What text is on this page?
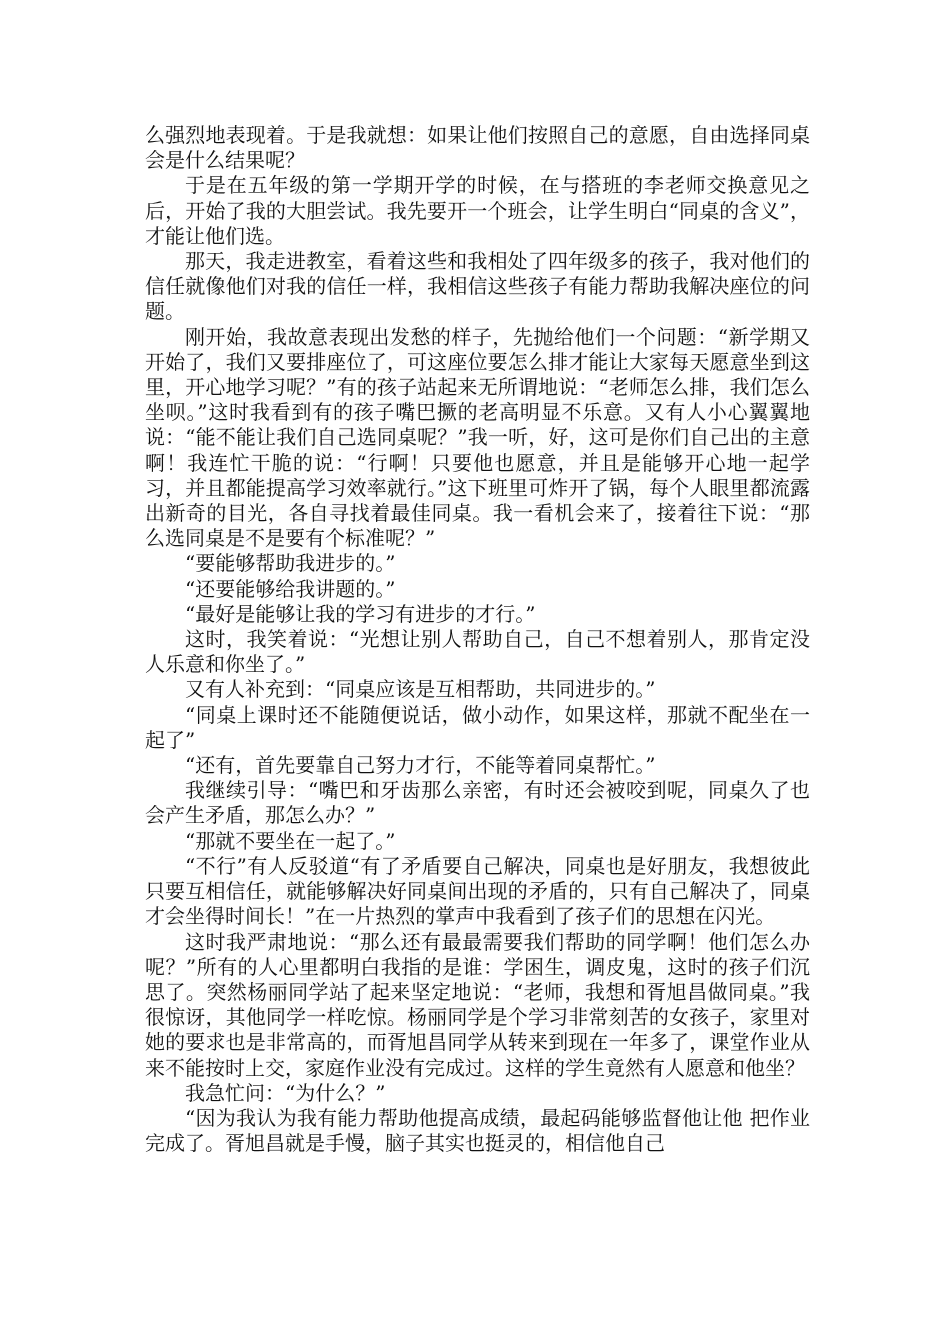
么强烈地表现着。于是我就想：如果让他们按照自己的意愿，自由选择同桌会是什么结果呢？

于是在五年级的第一学期开学的时候，在与搭班的李老师交换意见之后，开始了我的大胆尝试。我先要开一个班会，让学生明白“同桌的含义”，才能让他们选。

那天，我走进教室，看着这些和我相处了四年级多的孩子，我对他们的信任就像他们对我的信任一样，我相信这些孩子有能力帮助我解决座位的问题。

刚开始，我故意表现出发愁的样子，先抛给他们一个问题：“新学期又开始了，我们又要排座位了，可这座位要怎么排才能让大家每天愿意坐到这里，开心地学习呢？”有的孩子站起来无所谓地说：“老师怎么排，我们怎么坐呗。”这时我看到有的孩子嘴巴撅的老高明显不乐意。又有人小心翼翼地说：“能不能让我们自己选同桌呢？”我一听，好，这可是你们自己出的主意啊！我连忙干脆的说：“行啊！只要他也愿意，并且是能够开心地一起学习，并且都能提高学习效率就行。”这下班里可炸开了锅，每个人眼里都流露出新奇的目光，各自寻找着最佳同桌。我一看机会来了，接着往下说：“那么选同桌是不是要有个标准呢？”

“要能够帮助我进步的。”

“还要能够给我讲题的。”

“最好是能够让我的学习有进步的才行。”

这时，我笑着说：“光想让别人帮助自己，自己不想着别人，那肯定没人乐意和你坐了。”

又有人补充到：“同桌应该是互相帮助，共同进步的。”

“同桌上课时还不能随便说话，做小动作，如果这样，那就不配坐在一起了”

“还有，首先要靠自己努力才行，不能等着同桌帮忙。”

我继续引导：“嘴巴和牙齿那么亲密，有时还会被咬到呢，同桌久了也会产生矛盾，那怎么办？”

“那就不要坐在一起了。”

“不行”有人反驳道“有了矛盾要自己解决，同桌也是好朋友，我想彼此只要互相信任，就能够解决好同桌间出现的矛盾的，只有自己解决了，同桌才会坐得时间长！”在一片热烈的掌声中我看到了孩子们的思想在闪光。

这时我严肃地说：“那么还有最最需要我们帮助的同学啊！他们怎么办呢？”所有的人心里都明白我指的是谁：学困生，调皮鬼，这时的孩子们沉思了。突然杨丽同学站了起来坚定地说：“老师，我想和胥旭昌做同桌。”我很惊讶，其他同学一样吃惊。杨丽同学是个学习非常刻苦的女孩子，家里对她的要求也是非常高的，而胥旭昌同学从转来到现在一年多了，课堂作业从来不能按时上交，家庭作业没有完成过。这样的学生竟然有人愿意和他坐？

我急忙问：“为什么？”

“因为我认为我有能力帮助他提高成绩，最起码能够监督他让他 把作业完成了。胥旭昌就是手慢，脑子其实也挺灵的，相信他自己
